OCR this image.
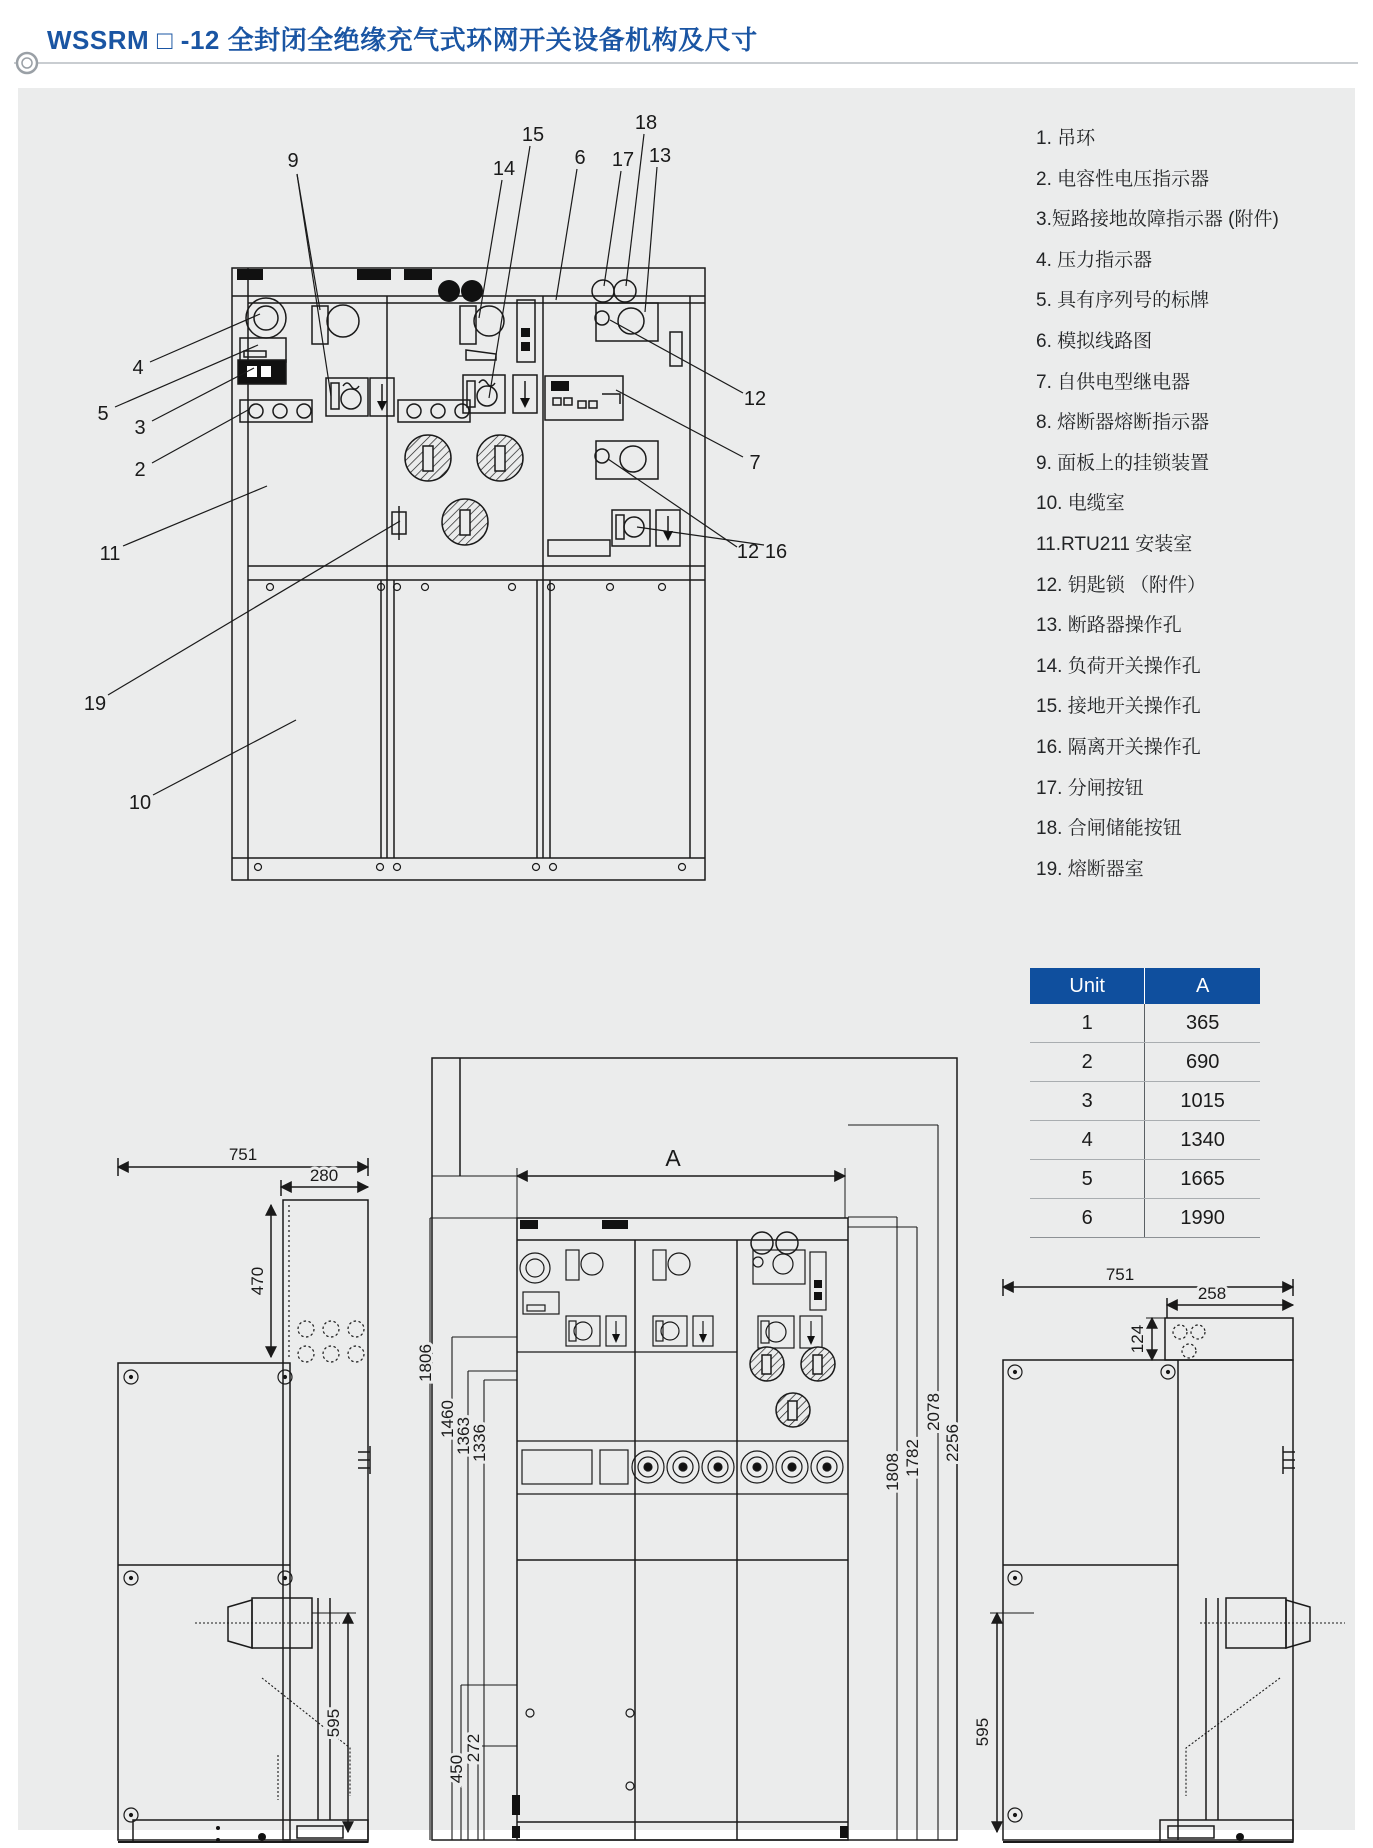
WSSRM □ -12 全封闭全绝缘充气式环网开关设备机构及尺寸
9
15
14	6
18
17 13
4
5
3
2
11
19
10
12
7
12 16
751
280
470
595
A
1806
1460
1363
1336
450
272
1808 1782
2078
2256
751
258
124
595
1. 吊环
2. 电容性电压指示器
3.短路接地故障指示器 (附件)
4. 压力指示器
5. 具有序列号的标牌
6. 模拟线路图
7. 自供电型继电器
8. 熔断器熔断指示器
9. 面板上的挂锁装置
10. 电缆室
11.RTU211 安装室
12. 钥匙锁 （附件）
13. 断路器操作孔
14. 负荷开关操作孔
15. 接地开关操作孔
16. 隔离开关操作孔
17. 分闸按钮
18. 合闸储能按钮
19. 熔断器室
Unit	A
1	365
2	690
3	1015
4	1340
5	1665
6	1990
